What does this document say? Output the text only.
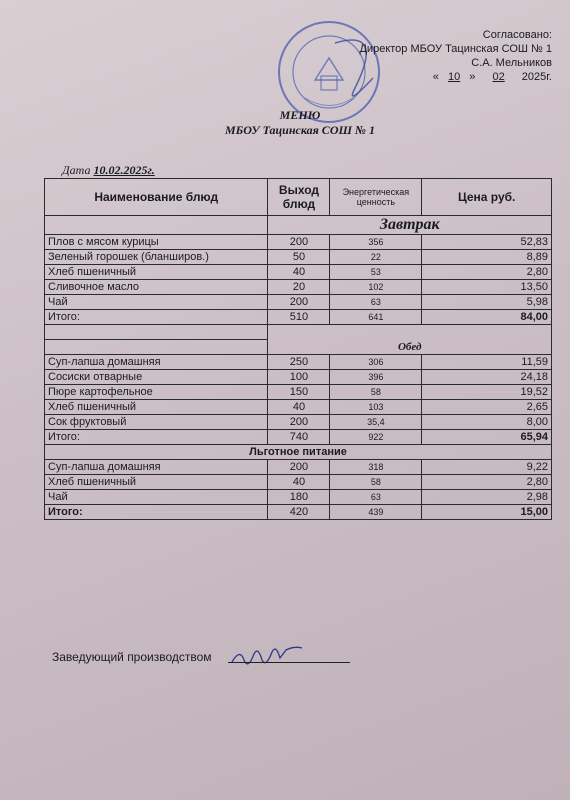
Согласовано:
Директор МБОУ Тацинская СОШ № 1
С.А. Мельников
« 10 » 02 2025г.
МЕНЮ
МБОУ Тацинская СОШ № 1
Дата 10.02.2025г.
Наименование блюд	Выход блюд	Энергетическая ценность	Цена руб.
	Завтрак		
Плов с мясом курицы	200	356	52,83
Зеленый горошек (бланширов.)	50	22	8,89
Хлеб пшеничный	40	53	2,80
Сливочное масло	20	102	13,50
Чай	200	63	5,98
Итого:	510	641	84,00

	Обед		
Суп-лапша домашняя	250	306	11,59
Сосиски отварные	100	396	24,18
Пюре картофельное	150	58	19,52
Хлеб пшеничный	40	103	2,65
Сок фруктовый	200	35,4	8,00
Итого:	740	922	65,94
Льготное питание			
Суп-лапша домашняя	200	318	9,22
Хлеб пшеничный	40	58	2,80
Чай	180	63	2,98
Итого:	420	439	15,00
Заведующий производством
